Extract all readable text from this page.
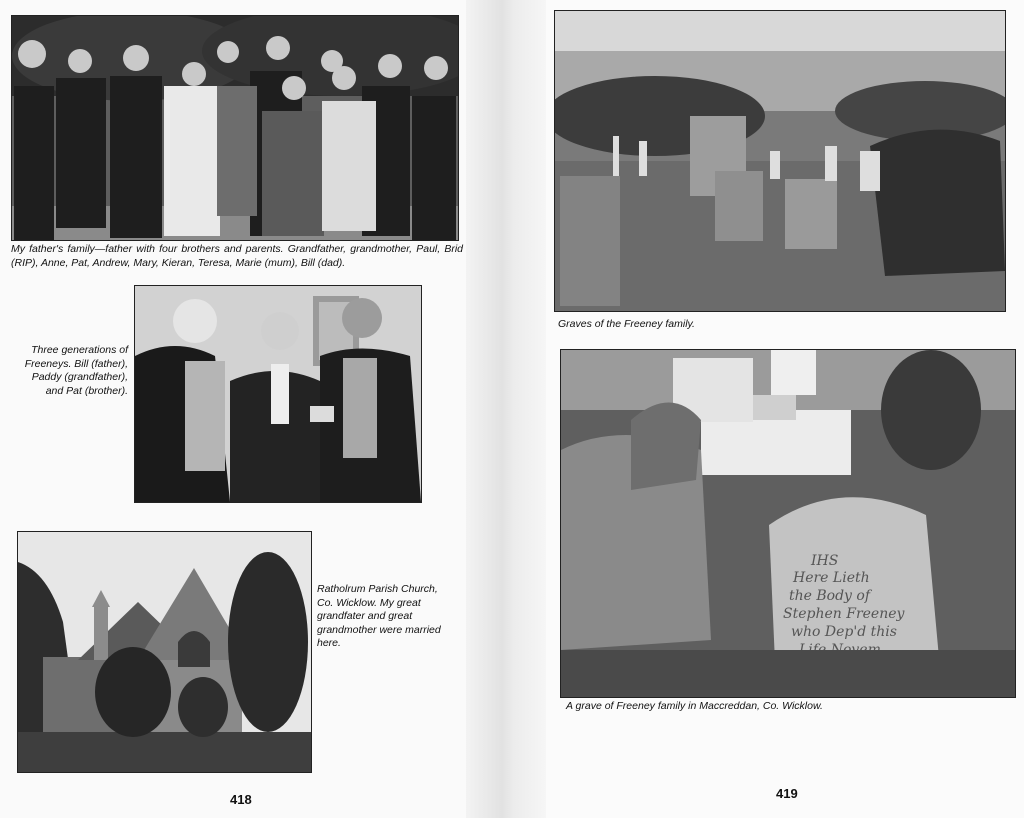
My father's family—father with four brothers and parents. Grandfather, grandmother, Paul, Brid (RIP), Anne, Pat, Andrew, Mary, Kieran, Teresa, Marie (mum), Bill (dad).
Three generations of Freeneys. Bill (father), Paddy (grandfather), and Pat (brother).
Ratholrum Parish Church, Co. Wicklow. My great grandfater and great grandmother were married here.
418
Graves of the Freeney family.
IHS
Here Lieth
the Body of
Stephen Freeney
who Dep'd this
A grave of Freeney family in Maccreddan, Co. Wicklow.
419
